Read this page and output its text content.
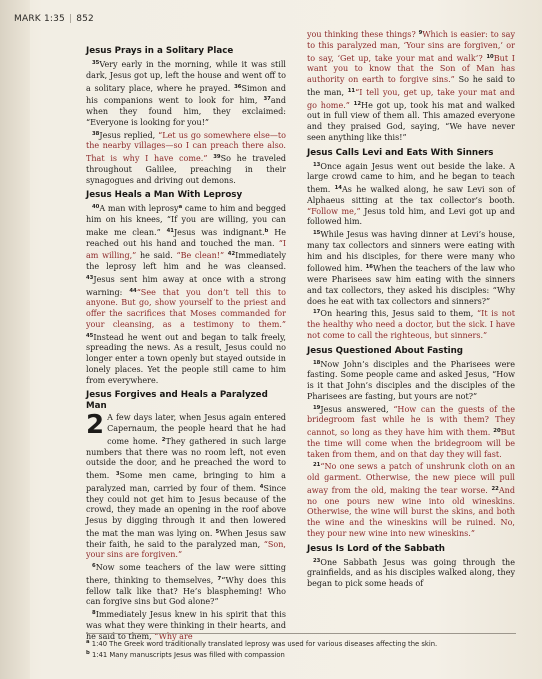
MARK 1:35 | 852
Jesus Prays in a Solitary Place

$^{35}$Very early in the morning, while it was still dark, Jesus got up, left the house and went off to a solitary place, where he prayed. $^{36}$Simon and his companions went to look for him, $^{37}$and when they found him, they exclaimed: “Everyone is looking for you!”

$^{38}$Jesus replied, “Let us go somewhere else—to the nearby villages—so I can preach there also. That is why I have come.” $^{39}$So he traveled throughout Galilee, preaching in their synagogues and driving out demons.

Jesus Heals a Man With Leprosy

$^{40}$A man with leprosy$^a$ came to him and begged him on his knees, “If you are willing, you can make me clean.” $^{41}$Jesus was indignant.$^b$ He reached out his hand and touched the man. “I am willing,” he said. “Be clean!” $^{42}$Immediately the leprosy left him and he was cleansed. $^{43}$Jesus sent him away at once with a strong warning: $^{44}$“See that you don’t tell this to anyone. But go, show yourself to the priest and offer the sacrifices that Moses commanded for your cleansing, as a testimony to them.” $^{45}$Instead he went out and began to talk freely, spreading the news. As a result, Jesus could no longer enter a town openly but stayed outside in lonely places. Yet the people still came to him from everywhere.

Jesus Forgives and Heals a Paralyzed Man

2 A few days later, when Jesus again entered Capernaum, the people heard that he had come home. $^2$They gathered in such large numbers that there was no room left, not even outside the door, and he preached the word to them. $^3$Some men came, bringing to him a paralyzed man, carried by four of them. $^4$Since they could not get him to Jesus because of the crowd, they made an opening in the roof above Jesus by digging through it and then lowered the mat the man was lying on. $^5$When Jesus saw their faith, he said to the paralyzed man, “Son, your sins are forgiven.”

$^6$Now some teachers of the law were sitting there, thinking to themselves, $^7$“Why does this fellow talk like that? He’s blaspheming! Who can forgive sins but God alone?”

$^8$Immediately Jesus knew in his spirit that this was what they were thinking in their hearts, and he said to them, “Why are

you thinking these things? $^9$Which is easier: to say to this paralyzed man, ‘Your sins are forgiven,’ or to say, ‘Get up, take your mat and walk’? $^{10}$But I want you to know that the Son of Man has authority on earth to forgive sins.” So he said to the man, $^{11}$“I tell you, get up, take your mat and go home.” $^{12}$He got up, took his mat and walked out in full view of them all. This amazed everyone and they praised God, saying, “We have never seen anything like this!”

Jesus Calls Levi and Eats With Sinners

$^{13}$Once again Jesus went out beside the lake. A large crowd came to him, and he began to teach them. $^{14}$As he walked along, he saw Levi son of Alphaeus sitting at the tax collector’s booth. “Follow me,” Jesus told him, and Levi got up and followed him.

$^{15}$While Jesus was having dinner at Levi’s house, many tax collectors and sinners were eating with him and his disciples, for there were many who followed him. $^{16}$When the teachers of the law who were Pharisees saw him eating with the sinners and tax collectors, they asked his disciples: “Why does he eat with tax collectors and sinners?”

$^{17}$On hearing this, Jesus said to them, “It is not the healthy who need a doctor, but the sick. I have not come to call the righteous, but sinners.”

Jesus Questioned About Fasting

$^{18}$Now John’s disciples and the Pharisees were fasting. Some people came and asked Jesus, “How is it that John’s disciples and the disciples of the Pharisees are fasting, but yours are not?”

$^{19}$Jesus answered, “How can the guests of the bridegroom fast while he is with them? They cannot, so long as they have him with them. $^{20}$But the time will come when the bridegroom will be taken from them, and on that day they will fast.

$^{21}$“No one sews a patch of unshrunk cloth on an old garment. Otherwise, the new piece will pull away from the old, making the tear worse. $^{22}$And no one pours new wine into old wineskins. Otherwise, the wine will burst the skins, and both the wine and the wineskins will be ruined. No, they pour new wine into new wineskins.”

Jesus Is Lord of the Sabbath

$^{23}$One Sabbath Jesus was going through the grainfields, and as his disciples walked along, they began to pick some heads of

$^a$ 1:40 The Greek word traditionally translated leprosy was used for various diseases affecting the skin.
$^b$ 1:41 Many manuscripts Jesus was filled with compassion
